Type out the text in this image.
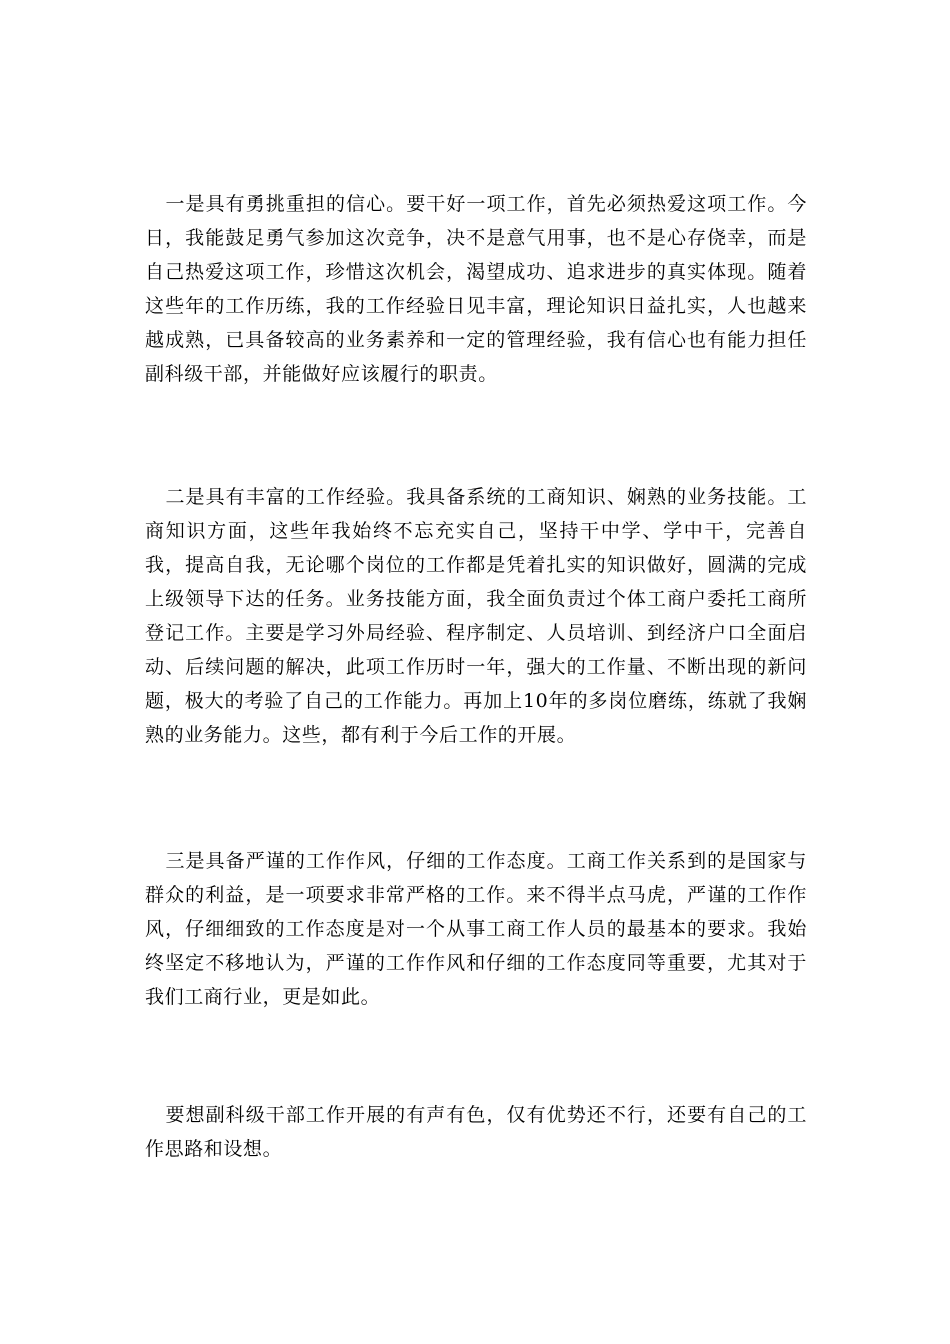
一是具有勇挑重担的信心。要干好一项工作，首先必须热爱这项工作。今日，我能鼓足勇气参加这次竞争，决不是意气用事，也不是心存侥幸，而是自己热爱这项工作，珍惜这次机会，渴望成功、追求进步的真实体现。随着这些年的工作历练，我的工作经验日见丰富，理论知识日益扎实，人也越来越成熟，已具备较高的业务素养和一定的管理经验，我有信心也有能力担任副科级干部，并能做好应该履行的职责。

二是具有丰富的工作经验。我具备系统的工商知识、娴熟的业务技能。工商知识方面，这些年我始终不忘充实自己，坚持干中学、学中干，完善自我，提高自我，无论哪个岗位的工作都是凭着扎实的知识做好，圆满的完成上级领导下达的任务。业务技能方面，我全面负责过个体工商户委托工商所登记工作。主要是学习外局经验、程序制定、人员培训、到经济户口全面启动、后续问题的解决，此项工作历时一年，强大的工作量、不断出现的新问题，极大的考验了自己的工作能力。再加上10年的多岗位磨练，练就了我娴熟的业务能力。这些，都有利于今后工作的开展。

三是具备严谨的工作作风，仔细的工作态度。工商工作关系到的是国家与群众的利益，是一项要求非常严格的工作。来不得半点马虎，严谨的工作作风，仔细细致的工作态度是对一个从事工商工作人员的最基本的要求。我始终坚定不移地认为，严谨的工作作风和仔细的工作态度同等重要，尤其对于我们工商行业，更是如此。

要想副科级干部工作开展的有声有色，仅有优势还不行，还要有自己的工作思路和设想。
